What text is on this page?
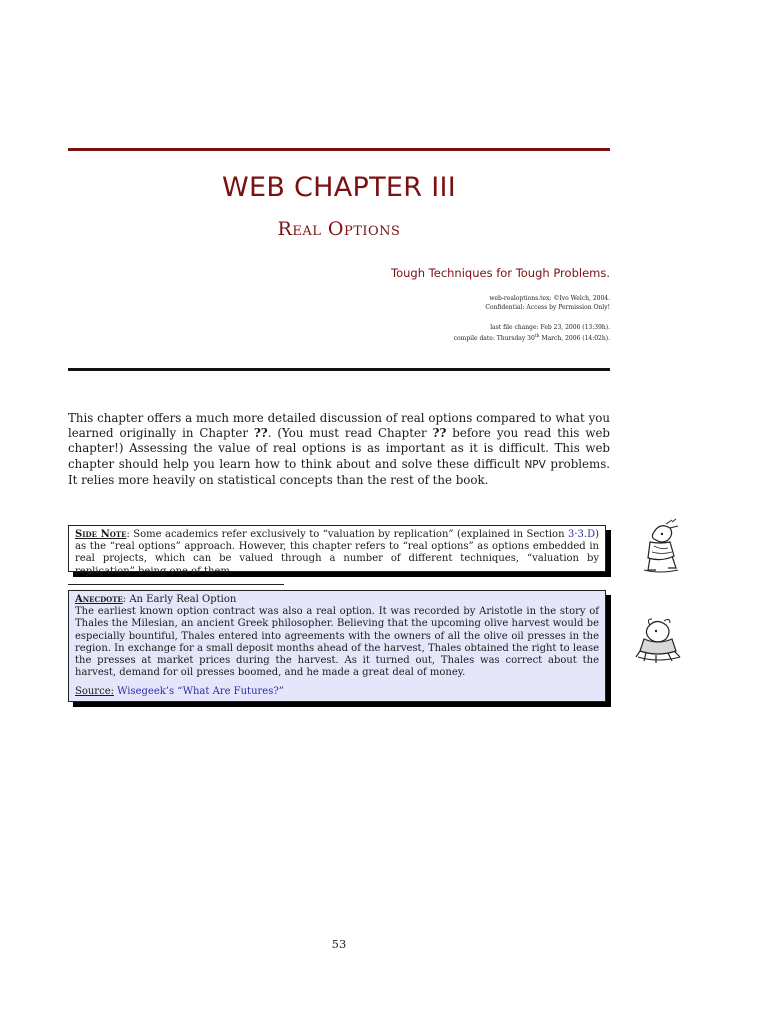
WEB CHAPTER III
Real Options
Tough Techniques for Tough Problems.
web-realoptions.tex: ©Ivo Welch, 2004.
Confidential: Access by Permission Only!
last file change: Feb 23, 2006 (13:39h).
compile date: Thursday 30th March, 2006 (14:02h).
This chapter offers a much more detailed discussion of real options compared to what you learned originally in Chapter ??. (You must read Chapter ?? before you read this web chapter!) Assessing the value of real options is as important as it is difficult. This web chapter should help you learn how to think about and solve these difficult NPV problems. It relies more heavily on statistical concepts than the rest of the book.
Side Note: Some academics refer exclusively to “valuation by replication” (explained in Section 3·3.D) as the “real options” approach. However, this chapter refers to “real options” as options embedded in real projects, which can be valued through a number of different techniques, “valuation by replication” being one of them.
Anecdote: An Early Real Option
The earliest known option contract was also a real option. It was recorded by Aristotle in the story of Thales the Milesian, an ancient Greek philosopher. Believing that the upcoming olive harvest would be especially bountiful, Thales entered into agreements with the owners of all the olive oil presses in the region. In exchange for a small deposit months ahead of the harvest, Thales obtained the right to lease the presses at market prices during the harvest. As it turned out, Thales was correct about the harvest, demand for oil presses boomed, and he made a great deal of money.
Source: Wisegeek’s “What Are Futures?”
53
